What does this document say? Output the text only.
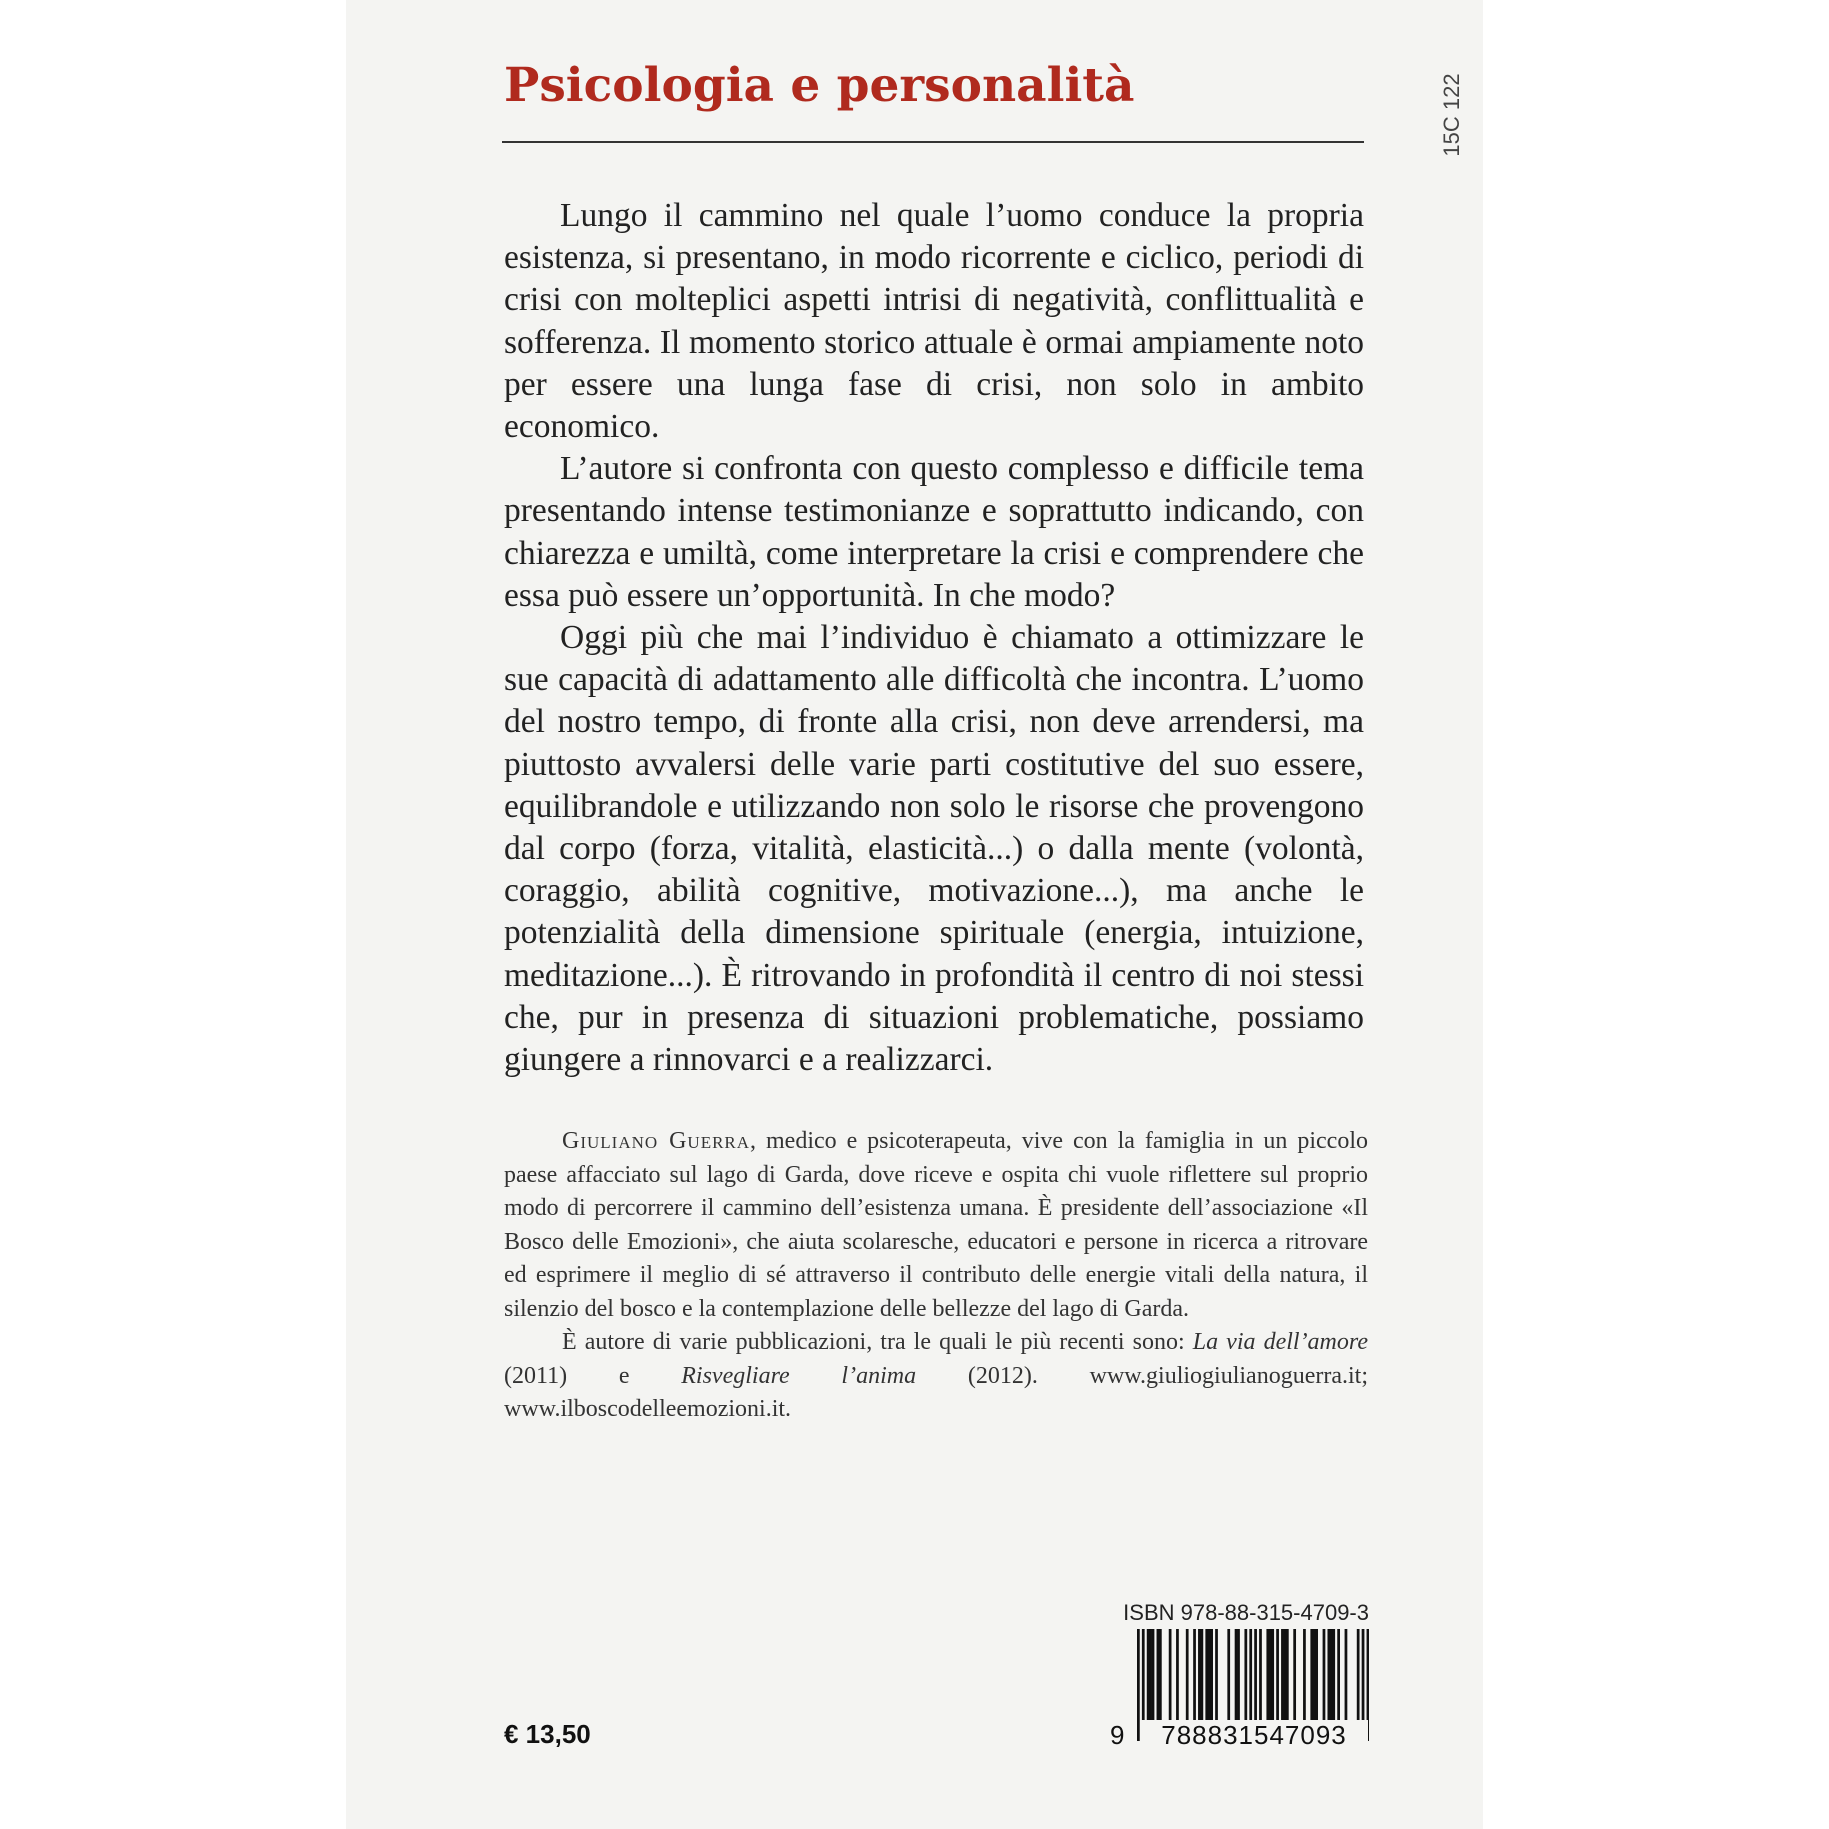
15C 122
Psicologia e personalità

Lungo il cammino nel quale l’uomo conduce la propria esistenza, si presentano, in modo ricorrente e ciclico, periodi di crisi con molteplici aspetti intrisi di negatività, conflittualità e sofferenza. Il momento storico attuale è ormai ampiamente noto per essere una lunga fase di crisi, non solo in ambito economico.

L’autore si confronta con questo complesso e difficile tema presentando intense testimonianze e soprattutto indicando, con chiarezza e umiltà, come interpretare la crisi e comprendere che essa può essere un’opportunità. In che modo?

Oggi più che mai l’individuo è chiamato a ottimizzare le sue capacità di adattamento alle difficoltà che incontra. L’uomo del nostro tempo, di fronte alla crisi, non deve arrendersi, ma piuttosto avvalersi delle varie parti costitutive del suo essere, equilibrandole e utilizzando non solo le risorse che provengono dal corpo (forza, vitalità, elasticità...) o dalla mente (volontà, coraggio, abilità cognitive, motivazione...), ma anche le potenzialità della dimensione spirituale (energia, intuizione, meditazione...). È ritrovando in profondità il centro di noi stessi che, pur in presenza di situazioni problematiche, possiamo giungere a rinnovarci e a realizzarci.

Giuliano Guerra, medico e psicoterapeuta, vive con la famiglia in un piccolo paese affacciato sul lago di Garda, dove riceve e ospita chi vuole riflettere sul proprio modo di percorrere il cammino dell’esistenza umana. È presidente dell’associazione «Il Bosco delle Emozioni», che aiuta scolaresche, educatori e persone in ricerca a ritrovare ed esprimere il meglio di sé attraverso il contributo delle energie vitali della natura, il silenzio del bosco e la contemplazione delle bellezze del lago di Garda.

È autore di varie pubblicazioni, tra le quali le più recenti sono: La via dell’amore (2011) e Risvegliare l’anima (2012). www.giuliogiulianoguerra.it; www.ilboscodelleemozioni.it.

ISBN 978-88-315-4709-3
9	788831547093
€ 13,50
